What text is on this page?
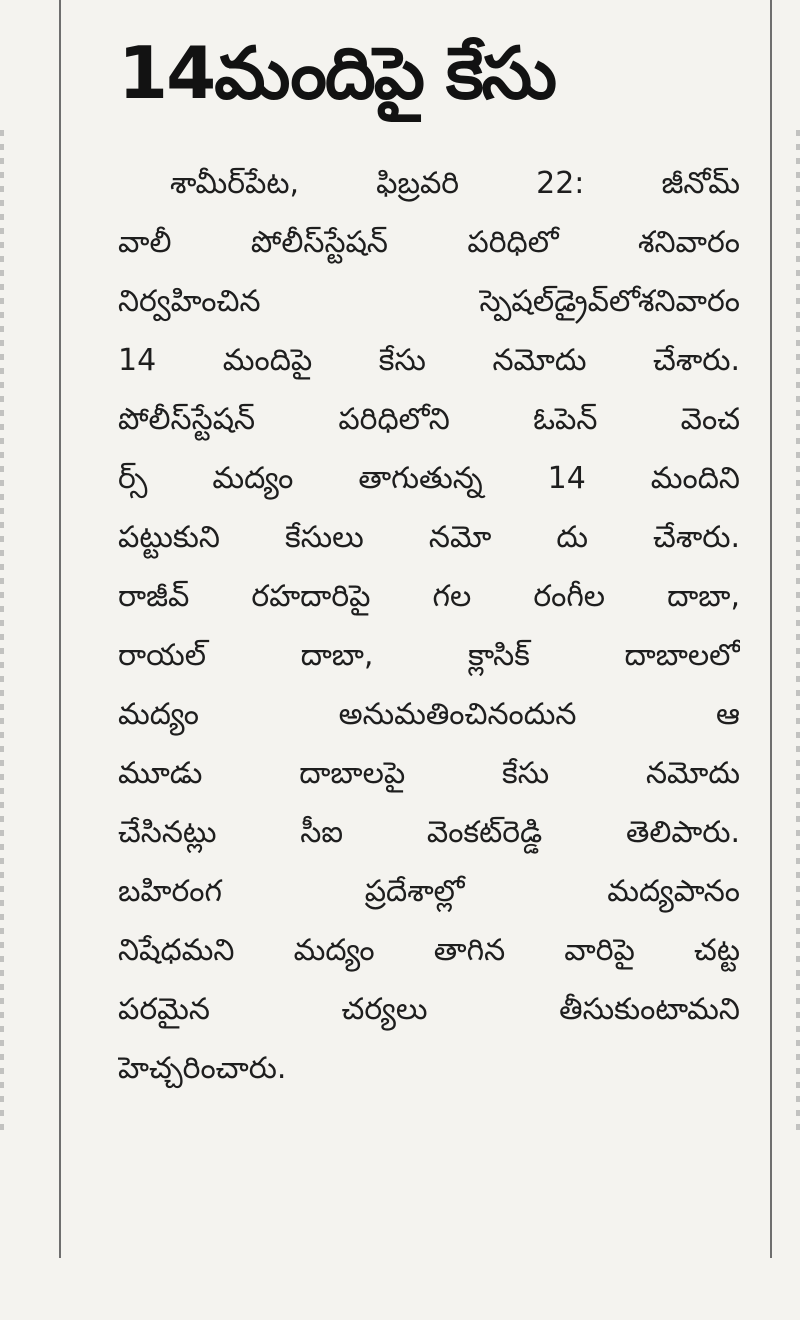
14మందిపై కేసు
శామీర్‌పేట, ఫిబ్రవరి 22: జీనోమ్
వాలీ పోలీస్‌స్టేషన్ పరిధిలో శనివారం
నిర్వహించిన స్పెషల్‌డ్రైవ్‌లోశనివారం
14 మందిపై కేసు నమోదు చేశారు.
పోలీస్‌స్టేషన్ పరిధిలోని ఓపెన్ వెంచ
ర్స్ మద్యం తాగుతున్న 14 మందిని
పట్టుకుని కేసులు నమో దు చేశారు.
రాజీవ్ రహదారిపై గల రంగీల దాబా,
రాయల్ దాబా, క్లాసిక్ దాబాలలో
మద్యం అనుమతించినందున ఆ
మూడు దాబాలపై కేసు నమోదు
చేసినట్లు సీఐ వెంకట్‌రెడ్డి తెలిపారు.
బహిరంగ ప్రదేశాల్లో మద్యపానం
నిషేధమని మద్యం తాగిన వారిపై చట్ట
పరమైన చర్యలు తీసుకుంటామని
హెచ్చరించారు.
